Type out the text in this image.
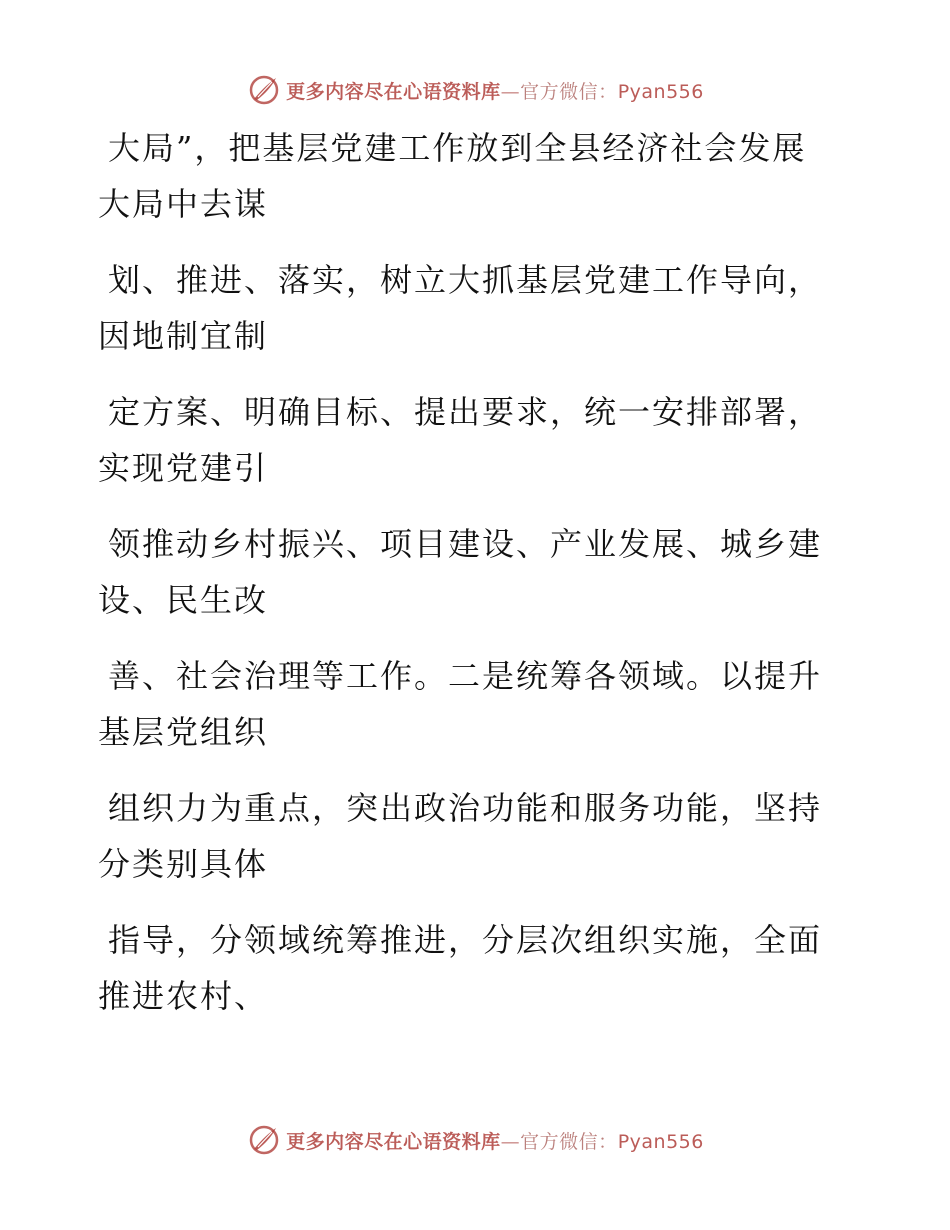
更多内容尽在心语资料库—官方微信：Pyan556

大局”，把基层党建工作放到全县经济社会发展
大局中去谋

划、推进、落实，树立大抓基层党建工作导向，
因地制宜制

定方案、明确目标、提出要求，统一安排部署，
实现党建引

领推动乡村振兴、项目建设、产业发展、城乡建
设、民生改

善、社会治理等工作。二是统筹各领域。以提升
基层党组织

组织力为重点，突出政治功能和服务功能，坚持
分类别具体

指导，分领域统筹推进，分层次组织实施，全面
推进农村、

更多内容尽在心语资料库—官方微信：Pyan556
